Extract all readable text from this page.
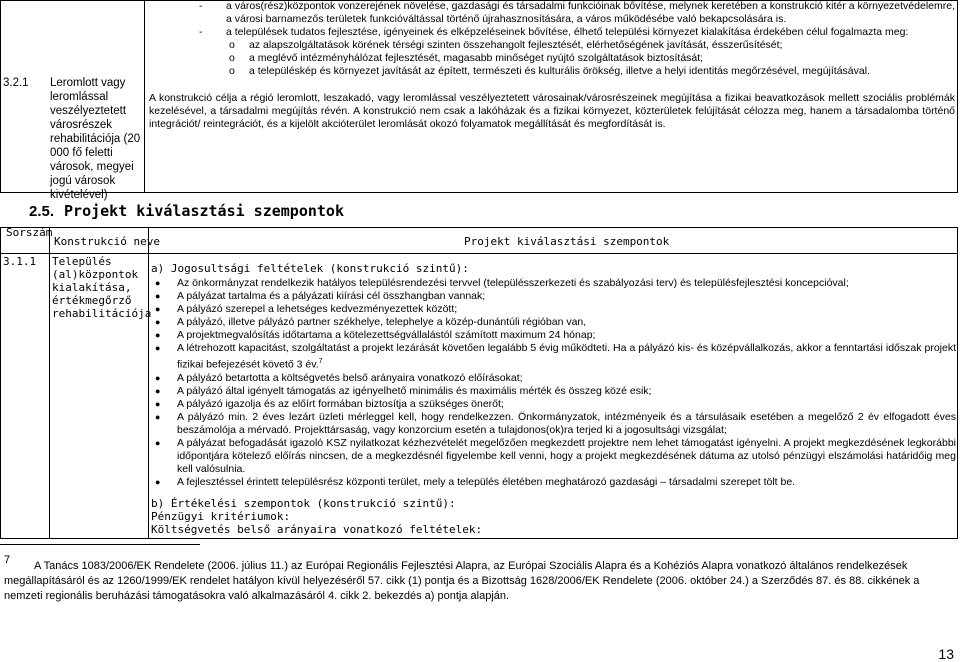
3.2.1 Leromlott vagy leromlással veszélyeztetett városrészek rehabilitációja (20 000 fő feletti városok, megyei jogú városok kivételével)
- a város(rész)központok vonzerejének növelése, gazdasági és társadalmi funkcióinak bővítése, melynek keretében a konstrukció kitér a környezetvédelemre, a városi barnamezős területek funkcióváltással történő újrahasznosítására, a város működésébe való bekapcsolására is.
- a települések tudatos fejlesztése, igényeinek és elképzeléseinek bővítése, élhető települési környezet kialakítása érdekében célul fogalmazta meg:
o az alapszolgáltatások körének térségi szinten összehangolt fejlesztését, elérhetőségének javítását, ésszerűsítését;
o a meglévő intézményhálózat fejlesztését, magasabb minőséget nyújtó szolgáltatások biztosítását;
o a településkép és környezet javítását az épített, természeti és kulturális örökség, illetve a helyi identitás megőrzésével, megújításával.
A konstrukció célja a régió leromlott, leszakadó, vagy leromlással veszélyeztetett városainak/városrészeinek megújítása a fizikai beavatkozások mellett szociális problémák kezelésével, a társadalmi megújítás révén. A konstrukció nem csak a lakóházak és a fizikai környezet, közterületek felújítását célozza meg, hanem a társadalomba történő integrációt/ reintegrációt, és a kijelölt akcióterület leromlását okozó folyamatok megállítását és megfordítását is.
2.5. Projekt kiválasztási szempontok
Sorszám
Konstrukció neve	Projekt kiválasztási szempontok
3.1.1 Település (al)központok kialakítása, értékmegőrző rehabilitációja
a) Jogosultsági feltételek (konstrukció szintű):
● Az önkormányzat rendelkezik hatályos településrendezési tervvel (településszerkezeti és szabályozási terv) és településfejlesztési koncepcióval;
● A pályázat tartalma és a pályázati kiírási cél összhangban vannak;
● A pályázó szerepel a lehetséges kedvezményezettek között;
● A pályázó, illetve pályázó partner székhelye, telephelye a közép-dunántúli régióban van,
● A projektmegvalósítás időtartama a kötelezettségvállalástól számított maximum 24 hónap;
● A létrehozott kapacitást, szolgáltatást a projekt lezárását követően legalább 5 évig működteti. Ha a pályázó kis- és középvállalkozás, akkor a fenntartási időszak projekt fizikai befejezését követő 3 év.$^7$
● A pályázó betartotta a költségvetés belső arányaira vonatkozó előírásokat;
● A pályázó által igényelt támogatás az igényelhető minimális és maximális mérték és összeg közé esik;
● A pályázó igazolja és az előírt formában biztosítja a szükséges önerőt;
● A pályázó min. 2 éves lezárt üzleti mérleggel kell, hogy rendelkezzen. Önkormányzatok, intézményeik és a társulásaik esetében a megelőző 2 év elfogadott éves beszámolója a mérvadó. Projekttársaság, vagy konzorcium esetén a tulajdonos(ok)ra terjed ki a jogosultsági vizsgálat;
● A pályázat befogadását igazoló KSZ nyilatkozat kézhezvételét megelőzően megkezdett projektre nem lehet támogatást igényelni. A projekt megkezdésének legkorábbi időpontjára kötelező előírás nincsen, de a megkezdésnél figyelembe kell venni, hogy a projekt megkezdésének dátuma az utolsó pénzügyi elszámolási határidőig meg kell valósulnia.
● A fejlesztéssel érintett településrész központi terület, mely a település életében meghatározó gazdasági – társadalmi szerepet tölt be.
b) Értékelési szempontok (konstrukció szintű):
Pénzügyi kritériumok:
Költségvetés belső arányaira vonatkozó feltételek:
7	A Tanács 1083/2006/EK Rendelete (2006. július 11.) az Európai Regionális Fejlesztési Alapra, az Európai Szociális Alapra és a Kohéziós Alapra vonatkozó általános rendelkezések megállapításáról és az 1260/1999/EK rendelet hatályon kívül helyezéséről 57. cikk (1) pontja és a Bizottság 1628/2006/EK Rendelete (2006. október 24.) a Szerződés 87. és 88. cikkének a nemzeti regionális beruházási támogatásokra való alkalmazásáról 4. cikk 2. bekezdés a) pontja alapján.
13
